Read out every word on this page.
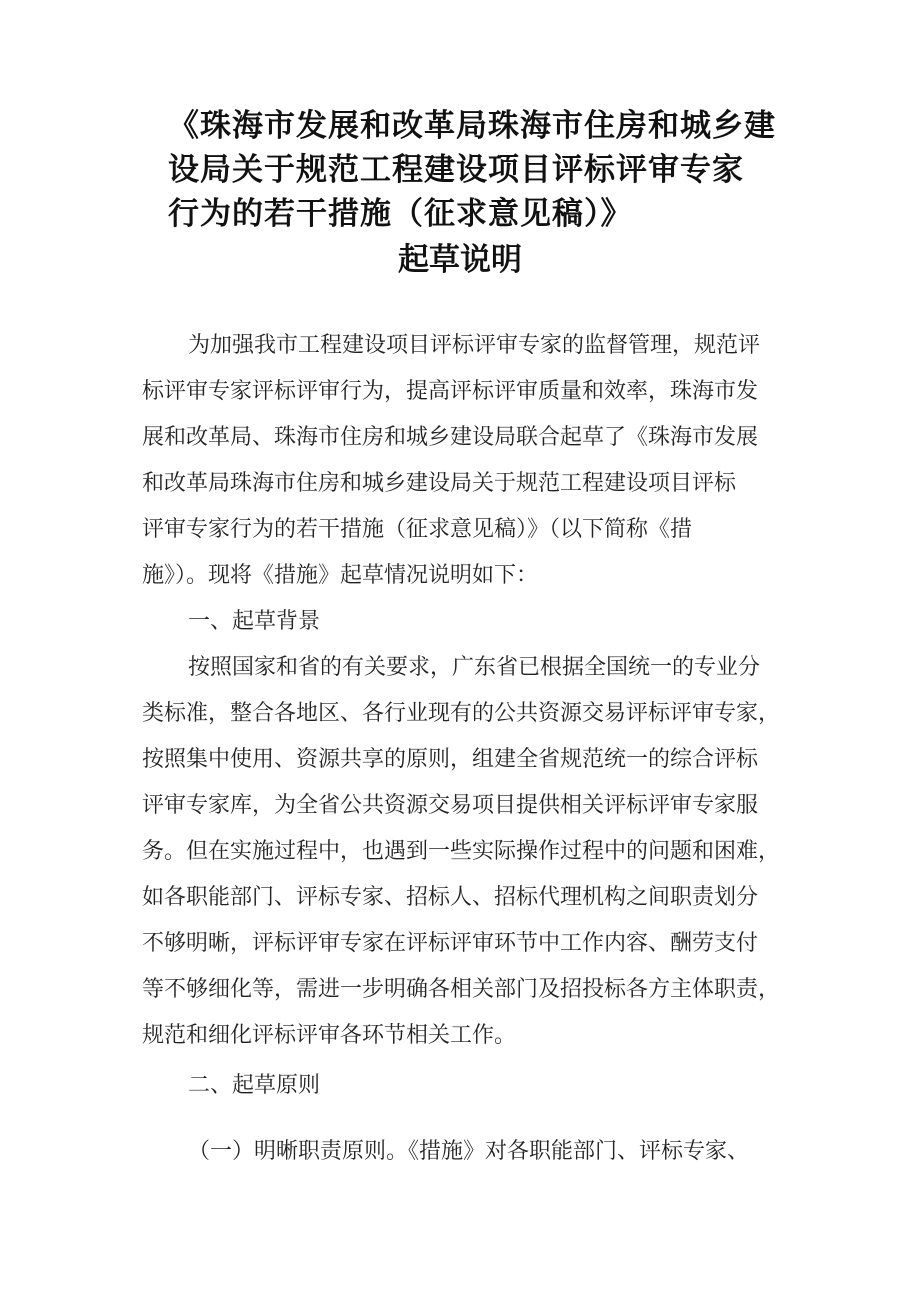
《珠海市发展和改革局珠海市住房和城乡建
设局关于规范工程建设项目评标评审专家
行为的若干措施（征求意见稿）》
起草说明
为加强我市工程建设项目评标评审专家的监督管理，规范评
标评审专家评标评审行为，提高评标评审质量和效率，珠海市发
展和改革局、珠海市住房和城乡建设局联合起草了《珠海市发展
和改革局珠海市住房和城乡建设局关于规范工程建设项目评标
评审专家行为的若干措施（征求意见稿）》（以下简称《措
施》）。现将《措施》起草情况说明如下：
一、起草背景
按照国家和省的有关要求，广东省已根据全国统一的专业分
类标准，整合各地区、各行业现有的公共资源交易评标评审专家，
按照集中使用、资源共享的原则，组建全省规范统一的综合评标
评审专家库，为全省公共资源交易项目提供相关评标评审专家服
务。但在实施过程中，也遇到一些实际操作过程中的问题和困难，
如各职能部门、评标专家、招标人、招标代理机构之间职责划分
不够明晰，评标评审专家在评标评审环节中工作内容、酬劳支付
等不够细化等，需进一步明确各相关部门及招投标各方主体职责，
规范和细化评标评审各环节相关工作。
二、起草原则
（一）明晰职责原则。《措施》对各职能部门、评标专家、
